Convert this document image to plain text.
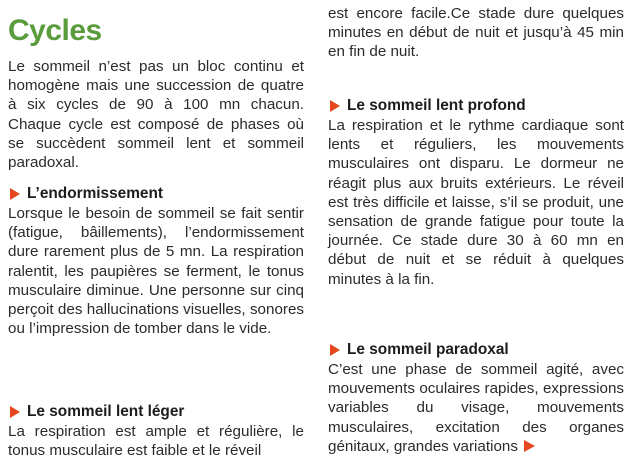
Cycles

Le sommeil n’est pas un bloc continu et homogène mais une succession de quatre à six cycles de 90 à 100 mn chacun. Chaque cycle est composé de phases où se succèdent sommeil lent et sommeil paradoxal.

L’endormissement

Lorsque le besoin de sommeil se fait sentir (fatigue, bâillements), l’endormissement dure rarement plus de 5 mn. La respiration ralentit, les paupières se ferment, le tonus musculaire diminue. Une personne sur cinq perçoit des hallucinations visuelles, sonores ou l’impression de tomber dans le vide.

Le sommeil lent léger

La respiration est ample et régulière, le tonus musculaire est faible et le réveil

est encore facile.Ce stade dure quelques minutes en début de nuit et jusqu’à 45 min en fin de nuit.

Le sommeil lent profond

La respiration et le rythme cardiaque sont lents et réguliers, les mouvements musculaires ont disparu. Le dormeur ne réagit plus aux bruits extérieurs. Le réveil est très difficile et laisse, s’il se produit, une sensation de grande fatigue pour toute la journée. Ce stade dure 30 à 60 mn en début de nuit et se réduit à quelques minutes à la fin.

Le sommeil paradoxal

C’est une phase de sommeil agité, avec mouvements oculaires rapides, expressions variables du visage, mouvements musculaires, excitation des organes génitaux, grandes variations
